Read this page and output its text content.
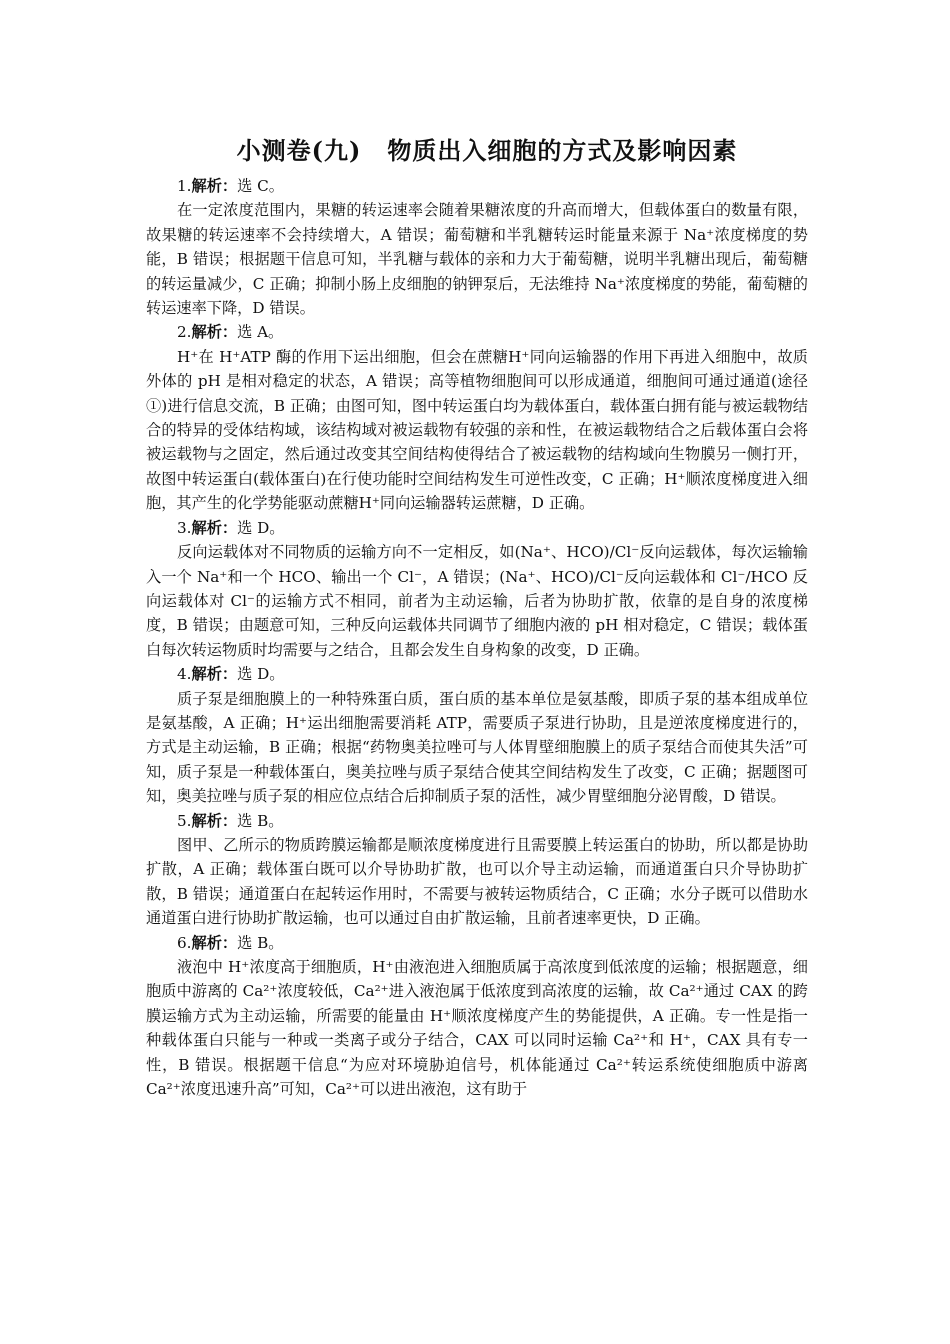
小测卷(九) 物质出入细胞的方式及影响因素

1.解析：选 C。

在一定浓度范围内，果糖的转运速率会随着果糖浓度的升高而增大，但载体蛋白的数量有限，故果糖的转运速率不会持续增大，A 错误；葡萄糖和半乳糖转运时能量来源于 Na⁺浓度梯度的势能，B 错误；根据题干信息可知，半乳糖与载体的亲和力大于葡萄糖，说明半乳糖出现后，葡萄糖的转运量减少，C 正确；抑制小肠上皮细胞的钠钾泵后，无法维持 Na⁺浓度梯度的势能，葡萄糖的转运速率下降，D 错误。

2.解析：选 A。

H⁺在 H⁺ATP 酶的作用下运出细胞，但会在蔗糖H⁺同向运输器的作用下再进入细胞中，故质外体的 pH 是相对稳定的状态，A 错误；高等植物细胞间可以形成通道，细胞间可通过通道(途径①)进行信息交流，B 正确；由图可知，图中转运蛋白均为载体蛋白，载体蛋白拥有能与被运载物结合的特异的受体结构域，该结构域对被运载物有较强的亲和性，在被运载物结合之后载体蛋白会将被运载物与之固定，然后通过改变其空间结构使得结合了被运载物的结构域向生物膜另一侧打开，故图中转运蛋白(载体蛋白)在行使功能时空间结构发生可逆性改变，C 正确；H⁺顺浓度梯度进入细胞，其产生的化学势能驱动蔗糖H⁺同向运输器转运蔗糖，D 正确。

3.解析：选 D。

反向运载体对不同物质的运输方向不一定相反，如(Na⁺、HCO)/Cl⁻反向运载体，每次运输输入一个 Na⁺和一个 HCO、输出一个 Cl⁻，A 错误；(Na⁺、HCO)/Cl⁻反向运载体和 Cl⁻/HCO 反向运载体对 Cl⁻的运输方式不相同，前者为主动运输，后者为协助扩散，依靠的是自身的浓度梯度，B 错误；由题意可知，三种反向运载体共同调节了细胞内液的 pH 相对稳定，C 错误；载体蛋白每次转运物质时均需要与之结合，且都会发生自身构象的改变，D 正确。

4.解析：选 D。

质子泵是细胞膜上的一种特殊蛋白质，蛋白质的基本单位是氨基酸，即质子泵的基本组成单位是氨基酸，A 正确；H⁺运出细胞需要消耗 ATP，需要质子泵进行协助，且是逆浓度梯度进行的，方式是主动运输，B 正确；根据“药物奥美拉唑可与人体胃壁细胞膜上的质子泵结合而使其失活”可知，质子泵是一种载体蛋白，奥美拉唑与质子泵结合使其空间结构发生了改变，C 正确；据题图可知，奥美拉唑与质子泵的相应位点结合后抑制质子泵的活性，减少胃壁细胞分泌胃酸，D 错误。

5.解析：选 B。

图甲、乙所示的物质跨膜运输都是顺浓度梯度进行且需要膜上转运蛋白的协助，所以都是协助扩散，A 正确；载体蛋白既可以介导协助扩散，也可以介导主动运输，而通道蛋白只介导协助扩散，B 错误；通道蛋白在起转运作用时，不需要与被转运物质结合，C 正确；水分子既可以借助水通道蛋白进行协助扩散运输，也可以通过自由扩散运输，且前者速率更快，D 正确。

6.解析：选 B。

液泡中 H⁺浓度高于细胞质，H⁺由液泡进入细胞质属于高浓度到低浓度的运输；根据题意，细胞质中游离的 Ca²⁺浓度较低，Ca²⁺进入液泡属于低浓度到高浓度的运输，故 Ca²⁺通过 CAX 的跨膜运输方式为主动运输，所需要的能量由 H⁺顺浓度梯度产生的势能提供，A 正确。专一性是指一种载体蛋白只能与一种或一类离子或分子结合，CAX 可以同时运输 Ca²⁺和 H⁺，CAX 具有专一性，B 错误。根据题干信息“为应对环境胁迫信号，机体能通过 Ca²⁺转运系统使细胞质中游离 Ca²⁺浓度迅速升高”可知，Ca²⁺可以进出液泡，这有助于
